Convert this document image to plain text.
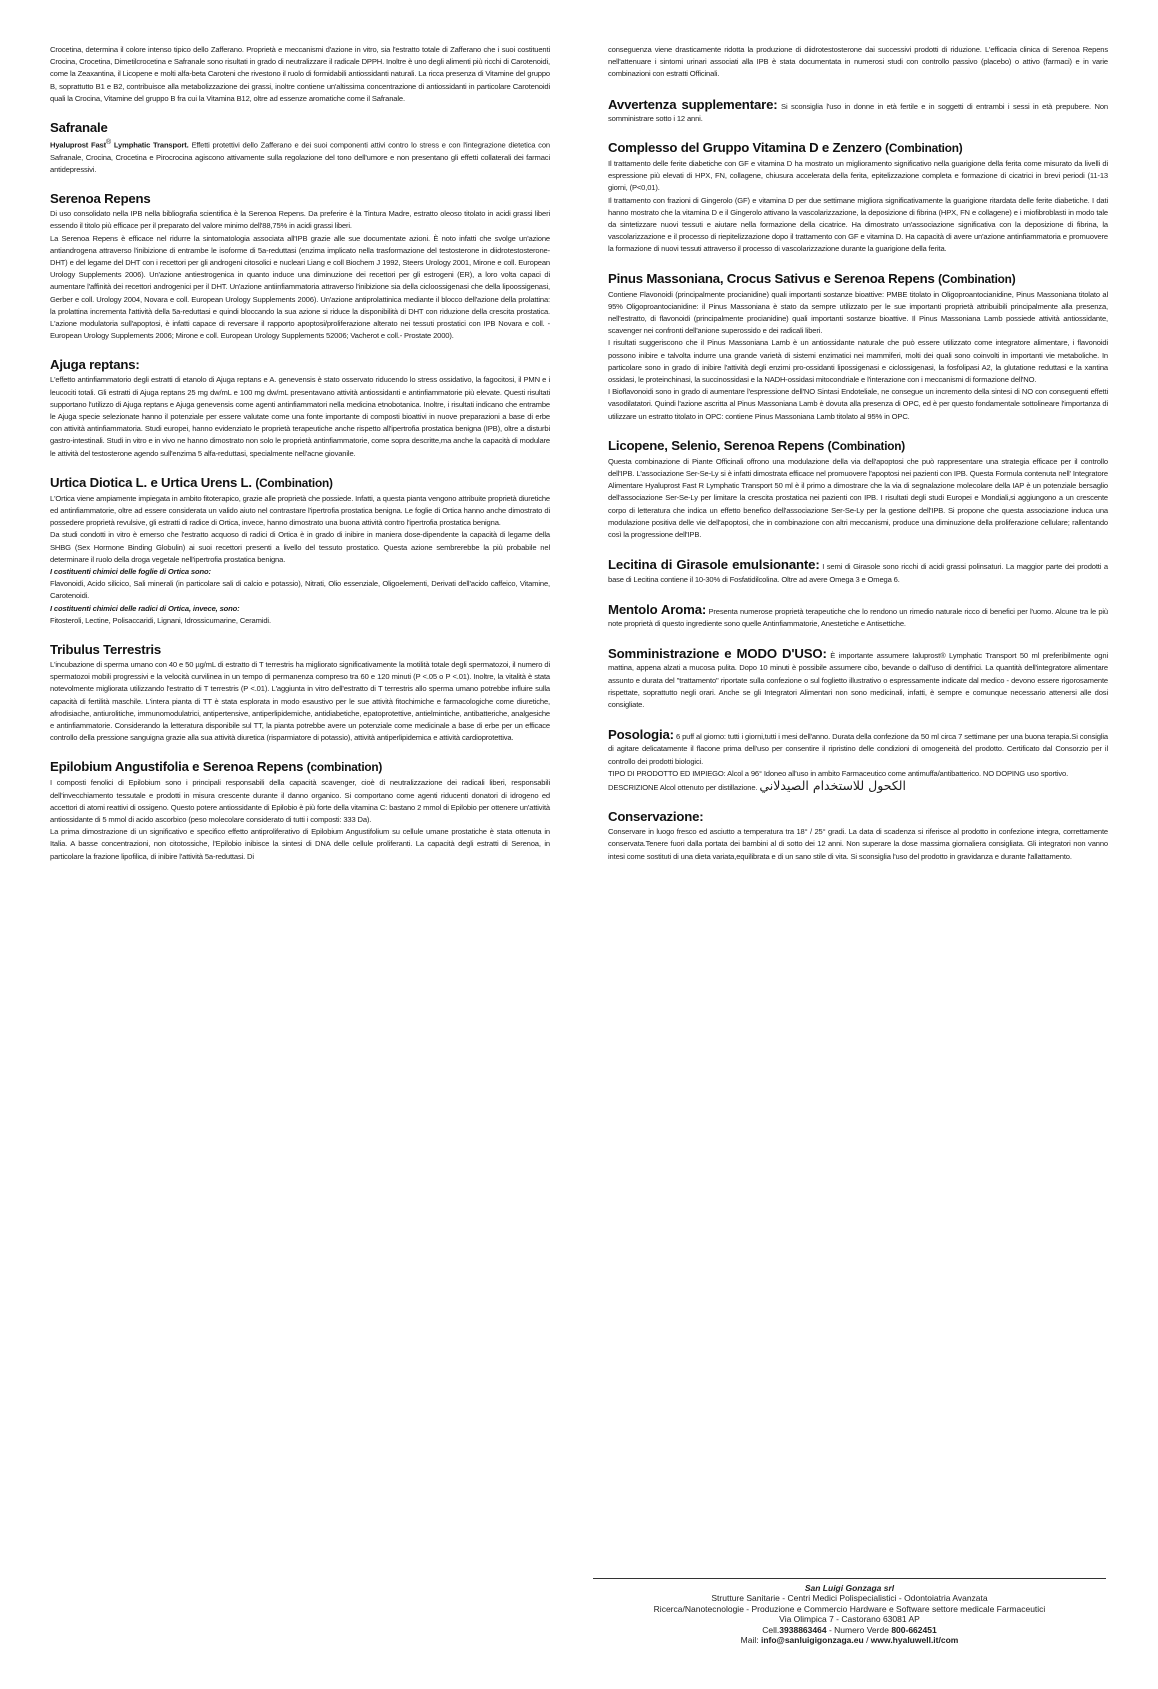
Crocetina, determina il colore intenso tipico dello Zafferano. Proprietà e meccanismi d'azione in vitro, sia l'estratto totale di Zafferano che i suoi costituenti Crocina, Crocetina, Dimetilcrocetina e Safranale sono risultati in grado di neutralizzare il radicale DPPH. Inoltre è uno degli alimenti più ricchi di Carotenoidi, come la Zeaxantina, il Licopene e molti alfa-beta Caroteni che rivestono il ruolo di formidabili antiossidanti naturali. La ricca presenza di Vitamine del gruppo B, soprattutto B1 e B2, contribuisce alla metabolizzazione dei grassi, inoltre contiene un'altissima concentrazione di antiossidanti in particolare Carotenoidi quali la Crocina, Vitamine del gruppo B fra cui la Vitamina B12, oltre ad essenze aromatiche come il Safranale.

Safranale

Hyaluprost Fast® Lymphatic Transport. Effetti protettivi dello Zafferano e dei suoi componenti attivi contro lo stress e con l'integrazione dietetica con Safranale, Crocina, Crocetina e Pirocrocina agiscono attivamente sulla regolazione del tono dell'umore e non presentano gli effetti collaterali dei farmaci antidepressivi.

Serenoa Repens

Di uso consolidato nella IPB nella bibliografia scientifica è la Serenoa Repens. Da preferire è la Tintura Madre, estratto oleoso titolato in acidi grassi liberi essendo il titolo più efficace per il preparato del valore minimo dell'88,75% in acidi grassi liberi.

La Serenoa Repens è efficace nel ridurre la sintomatologia associata all'IPB grazie alle sue documentate azioni. È noto infatti che svolge un'azione antiandrogena attraverso l'inibizione di entrambe le isoforme di 5a-reduttasi (enzima implicato nella trasformazione del testosterone in diidrotestosterone-DHT) e del legame del DHT con i recettori per gli androgeni citosolici e nucleari Liang e coll Biochem J 1992, Steers Urology 2001, Mirone e coll. European Urology Supplements 2006). Un'azione antiestrogenica in quanto induce una diminuzione dei recettori per gli estrogeni (ER), a loro volta capaci di aumentare l'affinità dei recettori androgenici per il DHT. Un'azione antiinfiammatoria attraverso l'inibizione sia della cicloossigenasi che della lipoossigenasi, Gerber e coll. Urology 2004, Novara e coll. European Urology Supplements 2006). Un'azione antiprolattinica mediante il blocco dell'azione della prolattina: la prolattina incrementa l'attività della 5a-reduttasi e quindi bloccando la sua azione si riduce la disponibilità di DHT con riduzione della crescita prostatica. L'azione modulatoria sull'apoptosi, è infatti capace di reversare il rapporto apoptosi/proliferazione alterato nei tessuti prostatici con IPB Novara e coll. -European Urology Supplements 2006; Mirone e coll. European Urology Supplements 52006; Vacherot e coll.- Prostate 2000).

Ajuga reptans:

L'effetto antinfiammatorio degli estratti di etanolo di Ajuga reptans e A. genevensis è stato osservato riducendo lo stress ossidativo, la fagocitosi, il PMN e i leucociti totali. Gli estratti di Ajuga reptans 25 mg dw/mL e 100 mg dw/mL presentavano attività antiossidanti e antinfiammatorie più elevate. Questi risultati supportano l'utilizzo di Ajuga reptans e Ajuga genevensis come agenti antinfiammatori nella medicina etnobotanica. Inoltre, i risultati indicano che entrambe le Ajuga specie selezionate hanno il potenziale per essere valutate come una fonte importante di composti bioattivi in nuove preparazioni a base di erbe con attività antinfiammatoria. Studi europei, hanno evidenziato le proprietà terapeutiche anche rispetto all'ipertrofia prostatica benigna (IPB), oltre a disturbi gastro-intestinali. Studi in vitro e in vivo ne hanno dimostrato non solo le proprietà antinfiammatorie, come sopra descritte,ma anche la capacità di modulare le attività del testosterone agendo sull'enzima 5 alfa-reduttasi, specialmente nell'acne giovanile.

Urtica Diotica L. e Urtica Urens L. (Combination)

L'Ortica viene ampiamente impiegata in ambito fitoterapico, grazie alle proprietà che possiede. Infatti, a questa pianta vengono attribuite proprietà diuretiche ed antinfiammatorie, oltre ad essere considerata un valido aiuto nel contrastare l'ipertrofia prostatica benigna. Le foglie di Ortica hanno anche dimostrato di possedere proprietà revulsive, gli estratti di radice di Ortica, invece, hanno dimostrato una buona attività contro l'ipertrofia prostatica benigna.

Da studi condotti in vitro è emerso che l'estratto acquoso di radici di Ortica è in grado di inibire in maniera dose-dipendente la capacità di legame della SHBG (Sex Hormone Binding Globulin) ai suoi recettori presenti a livello del tessuto prostatico. Questa azione sembrerebbe la più probabile nel determinare il ruolo della droga vegetale nell'ipertrofia prostatica benigna.

I costituenti chimici delle foglie di Ortica sono:

Flavonoidi, Acido silicico, Sali minerali (in particolare sali di calcio e potassio), Nitrati, Olio essenziale, Oligoelementi, Derivati dell'acido caffeico, Vitamine, Carotenoidi.

I costituenti chimici delle radici di Ortica, invece, sono:

Fitosteroli, Lectine, Polisaccaridi, Lignani, Idrossicumarine, Ceramidi.

Tribulus Terrestris

L'incubazione di sperma umano con 40 e 50 µg/mL di estratto di T terrestris ha migliorato significativamente la motilità totale degli spermatozoi, il numero di spermatozoi mobili progressivi e la velocità curvilinea in un tempo di permanenza compreso tra 60 e 120 minuti (P <.05 o P <.01). Inoltre, la vitalità è stata notevolmente migliorata utilizzando l'estratto di T terrestris (P <.01). L'aggiunta in vitro dell'estratto di T terrestris allo sperma umano potrebbe influire sulla capacità di fertilità maschile. L'intera pianta di TT è stata esplorata in modo esaustivo per le sue attività fitochimiche e farmacologiche come diuretiche, afrodisiache, antiurolitiche, immunomodulatrici, antipertensive, antiperlipidemiche, antidiabetiche, epatoprotettive, antielmintiche, antibatteriche, analgesiche e antinfiammatorie. Considerando la letteratura disponibile sul TT, la pianta potrebbe avere un potenziale come medicinale a base di erbe per un efficace controllo della pressione sanguigna grazie alla sua attività diuretica (risparmiatore di potassio), attività antiperlipidemica e attività cardioprotettiva.

Epilobium Angustifolia e Serenoa Repens (combination)

I composti fenolici di Epilobium sono i principali responsabili della capacità scavenger, cioè di neutralizzazione dei radicali liberi, responsabili dell'invecchiamento tessutale e prodotti in misura crescente durante il danno organico. Si comportano come agenti riducenti donatori di idrogeno ed accettori di atomi reattivi di ossigeno. Questo potere antiossidante di Epilobio è più forte della vitamina C: bastano 2 mmol di Epilobio per ottenere un'attività antiossidante di 5 mmol di acido ascorbico (peso molecolare considerato di tutti i composti: 333 Da).

La prima dimostrazione di un significativo e specifico effetto antiproliferativo di Epilobium Angustifolium su cellule umane prostatiche è stata ottenuta in Italia. A basse concentrazioni, non citotossiche, l'Epilobio inibisce la sintesi di DNA delle cellule proliferanti. La capacità degli estratti di Serenoa, in particolare la frazione lipofilica, di inibire l'attività 5a-reduttasi. Di

conseguenza viene drasticamente ridotta la produzione di diidrotestosterone dai successivi prodotti di riduzione. L'efficacia clinica di Serenoa Repens nell'attenuare i sintomi urinari associati alla IPB è stata documentata in numerosi studi con controllo passivo (placebo) o attivo (farmaci) e in varie combinazioni con estratti Officinali.

Avvertenza supplementare: Si sconsiglia l'uso in donne in età fertile e in soggetti di entrambi i sessi in età prepubere. Non somministrare sotto i 12 anni.

Complesso del Gruppo Vitamina D e Zenzero (Combination)

Il trattamento delle ferite diabetiche con GF e vitamina D ha mostrato un miglioramento significativo nella guarigione della ferita come misurato da livelli di espressione più elevati di HPX, FN, collagene, chiusura accelerata della ferita, epitelizzazione completa e formazione di cicatrici in brevi periodi (11-13 giorni, (P<0,01).

Il trattamento con frazioni di Gingerolo (GF) e vitamina D per due settimane migliora significativamente la guarigione ritardata delle ferite diabetiche. I dati hanno mostrato che la vitamina D e il Gingerolo attivano la vascolarizzazione, la deposizione di fibrina (HPX, FN e collagene) e i miofibroblasti in modo tale da sintetizzare nuovi tessuti e aiutare nella formazione della cicatrice. Ha dimostrato un'associazione significativa con la deposizione di fibrina, la vascolarizzazione e il processo di riepitelizzazione dopo il trattamento con GF e vitamina D. Ha capacità di avere un'azione antinfiammatoria e promuovere la formazione di nuovi tessuti attraverso il processo di vascolarizzazione durante la guarigione della ferita.

Pinus Massoniana, Crocus Sativus e Serenoa Repens (Combination)

Contiene Flavonoidi (principalmente procianidine) quali importanti sostanze bioattive: PMBE titolato in Oligoproantocianidine, Pinus Massoniana titolato al 95% Oligoproantocianidine: il Pinus Massoniana è stato da sempre utilizzato per le sue importanti proprietà attribuibili principalmente alla presenza, nell'estratto, di flavonoidi (principalmente procianidine) quali importanti sostanze bioattive. Il Pinus Massoniana Lamb possiede attività antiossidante, scavenger nei confronti dell'anione superossido e dei radicali liberi.

I risultati suggeriscono che il Pinus Massoniana Lamb è un antiossidante naturale che può essere utilizzato come integratore alimentare, i flavonoidi possono inibire e talvolta indurre una grande varietà di sistemi enzimatici nei mammiferi, molti dei quali sono coinvolti in importanti vie metaboliche. In particolare sono in grado di inibire l'attività degli enzimi pro-ossidanti lipossigenasi e ciclossigenasi, la fosfolipasi A2, la glutatione reduttasi e la xantina ossidasi, le proteinchinasi, la succinossidasi e la NADH-ossidasi mitocondriale e l'interazione con i meccanismi di formazione dell'NO.

I Bioflavonoidi sono in grado di aumentare l'espressione dell'NO Sintasi Endoteliale, ne consegue un incremento della sintesi di NO con conseguenti effetti vasodilatatori. Quindi l'azione ascritta al Pinus Massoniana Lamb è dovuta alla presenza di OPC, ed è per questo fondamentale sottolineare l'importanza di utilizzare un estratto titolato in OPC: contiene Pinus Massoniana Lamb titolato al 95% in OPC.

Licopene, Selenio, Serenoa Repens (Combination)

Questa combinazione di Piante Officinali offrono una modulazione della via dell'apoptosi che può rappresentare una strategia efficace per il controllo dell'IPB. L'associazione Ser-Se-Ly si è infatti dimostrata efficace nel promuovere l'apoptosi nei pazienti con IPB. Questa Formula contenuta nell' Integratore Alimentare Hyaluprost Fast R Lymphatic Transport 50 ml è il primo a dimostrare che la via di segnalazione molecolare della IAP è un potenziale bersaglio dell'associazione Ser-Se-Ly per limitare la crescita prostatica nei pazienti con IPB. I risultati degli studi Europei e Mondiali,si aggiungono a un crescente corpo di letteratura che indica un effetto benefico dell'associazione Ser-Se-Ly per la gestione dell'IPB. Si propone che questa associazione induca una modulazione positiva delle vie dell'apoptosi, che in combinazione con altri meccanismi, produce una diminuzione della proliferazione cellulare; rallentando così la progressione dell'IPB.

Lecitina di Girasole emulsionante: I semi di Girasole sono ricchi di acidi grassi polinsaturi. La maggior parte dei prodotti a base di Lecitina contiene il 10-30% di Fosfatidilcolina. Oltre ad avere Omega 3 e Omega 6.

Mentolo Aroma: Presenta numerose proprietà terapeutiche che lo rendono un rimedio naturale ricco di benefici per l'uomo. Alcune tra le più note proprietà di questo ingrediente sono quelle Antinfiammatorie, Anestetiche e Antisettiche.

Somministrazione e MODO D'USO: È importante assumere Ialuprost® Lymphatic Transport 50 ml preferibilmente ogni mattina, appena alzati a mucosa pulita. Dopo 10 minuti è possibile assumere cibo, bevande o dall'uso di dentifrici. La quantità dell'integratore alimentare assunto e durata del "trattamento" riportate sulla confezione o sul foglietto illustrativo o espressamente indicate dal medico - devono essere rigorosamente rispettate, soprattutto negli orari. Anche se gli Integratori Alimentari non sono medicinali, infatti, è sempre e comunque necessario attenersi alle dosi consigliate.

Posologia: 6 puff al giorno: tutti i giorni,tutti i mesi dell'anno. Durata della confezione da 50 ml circa 7 settimane per una buona terapia.Si consiglia di agitare delicatamente il flacone prima dell'uso per consentire il ripristino delle condizioni di omogeneità del prodotto. Certificato dal Consorzio per il controllo dei prodotti biologici.

TIPO DI PRODOTTO ED IMPIEGO: Alcol a 96° Idoneo all'uso in ambito Farmaceutico come antimuffa/antibatterico. NO DOPING uso sportivo.

DESCRIZIONE Alcol ottenuto per distillazione. الكحول للاستخدام الصيدلاني

Conservazione:

Conservare in luogo fresco ed asciutto a temperatura tra 18° / 25° gradi. La data di scadenza si riferisce al prodotto in confezione integra, correttamente conservata.Tenere fuori dalla portata dei bambini al di sotto dei 12 anni. Non superare la dose massima giornaliera consigliata. Gli integratori non vanno intesi come sostituti di una dieta variata,equilibrata e di un sano stile di vita. Si sconsiglia l'uso del prodotto in gravidanza e durante l'allattamento.

San Luigi Gonzaga srl
Strutture Sanitarie - Centri Medici Polispecialistici - Odontoiatria Avanzata
Ricerca/Nanotecnologie - Produzione e Commercio Hardware e Software settore medicale Farmaceutici
Via Olimpica 7 - Castorano 63081 AP
Cell.3938863464 - Numero Verde 800-662451
Mail: info@sanluigigonzaga.eu / www.hyaluwell.it/com
